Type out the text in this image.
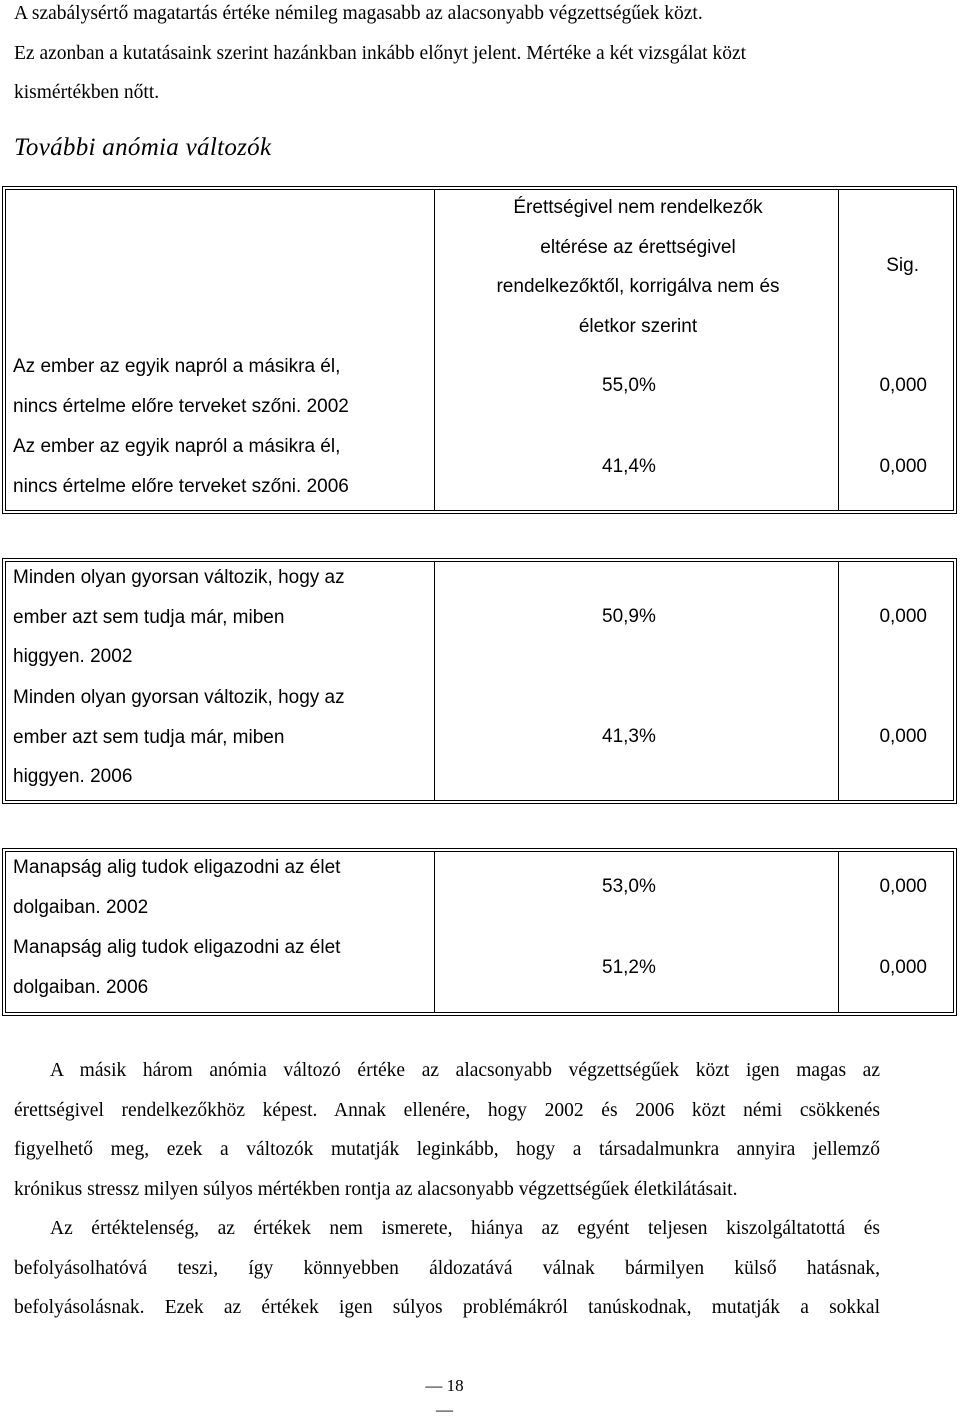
A szabálysértő magatartás értéke némileg magasabb az alacsonyabb végzettségűek közt.
Ez azonban a kutatásaink szerint hazánkban inkább előnyt jelent. Mértéke a két vizsgálat közt
kismértékben nőtt.
További anómia változók
Érettségivel nem rendelkezők
eltérése az érettségivel
rendelkezőktől, korrigálva nem és
életkor szerint
Sig.
Az ember az egyik napról a másikra él,
nincs értelme előre terveket szőni. 2002
55,0%	0,000
Az ember az egyik napról a másikra él,
nincs értelme előre terveket szőni. 2006
41,4%	0,000
Minden olyan gyorsan változik, hogy az
ember azt sem tudja már, miben
higgyen. 2002
50,9%	0,000
Minden olyan gyorsan változik, hogy az
ember azt sem tudja már, miben
higgyen. 2006
41,3%	0,000
Manapság alig tudok eligazodni az élet
dolgaiban. 2002
53,0%	0,000
Manapság alig tudok eligazodni az élet
dolgaiban. 2006
51,2%	0,000
A másik három anómia változó értéke az alacsonyabb végzettségűek közt igen magas az
érettségivel rendelkezőkhöz képest. Annak ellenére, hogy 2002 és 2006 közt némi csökkenés
figyelhető meg, ezek a változók mutatják leginkább, hogy a társadalmunkra annyira jellemző
krónikus stressz milyen súlyos mértékben rontja az alacsonyabb végzettségűek életkilátásait.
Az értéktelenség, az értékek nem ismerete, hiánya az egyént teljesen kiszolgáltatottá és
befolyásolhatóvá teszi, így könnyebben áldozatává válnak bármilyen külső hatásnak,
befolyásolásnak. Ezek az értékek igen súlyos problémákról tanúskodnak, mutatják a sokkal
— 18 —
